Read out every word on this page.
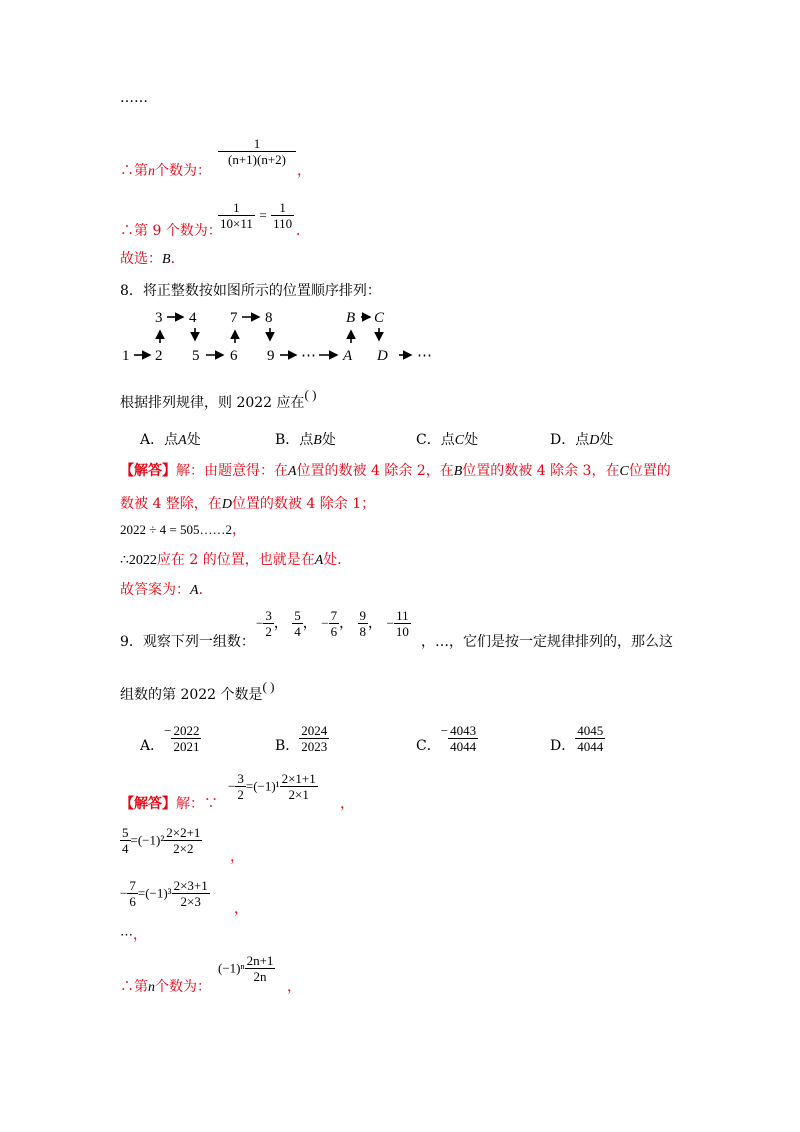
……
∴第n个数为：
$\frac{1}{(n+1)(n+2)}$
，
∴第 9 个数为：
$\frac{1}{10\times 11} = \frac{1}{110}$
．
故选：B．
8．将正整数按如图所示的位置顺序排列：
3 4 7 8	B C
1 2 5 6 9 ⋯ A D ⋯
根据排列规律，则 2022 应在( )
A．点A处	B．点B处	C．点C处	D．点D处
【解答】解：由题意得：在A位置的数被 4 除余 2，在B位置的数被 4 除余 3，在C位置的
数被 4 整除，在D位置的数被 4 除余 1；
2022 ÷ 4 = 505……2，
∴2022应在 2 的位置，也就是在A处．
故答案为：A．
9．观察下列一组数：
− $\frac{3}{2}$ ， $\frac{5}{4}$ ， − $\frac{7}{6}$ ， $\frac{9}{8}$ ， − $\frac{11}{10}$
，…，它们是按一定规律排列的，那么这
组数的第 2022 个数是( )
A．− $\frac{2022}{2021}$	B． $\frac{2024}{2023}$	C．− $\frac{4043}{4044}$	D． $\frac{4045}{4044}$
【解答】解：∵
− $\frac{3}{2} =(-1)^1 \frac{2\times 1+1}{2\times 1}$
，
$\frac{5}{4} =(-1)^2 \frac{2\times 2+1}{2\times 2}$
，
− $\frac{7}{6} =(-1)^3 \frac{2\times 3+1}{2\times 3}$
，
⋯，
∴第n个数为：
$(-1)^n \frac{2n+1}{2n}$
，
